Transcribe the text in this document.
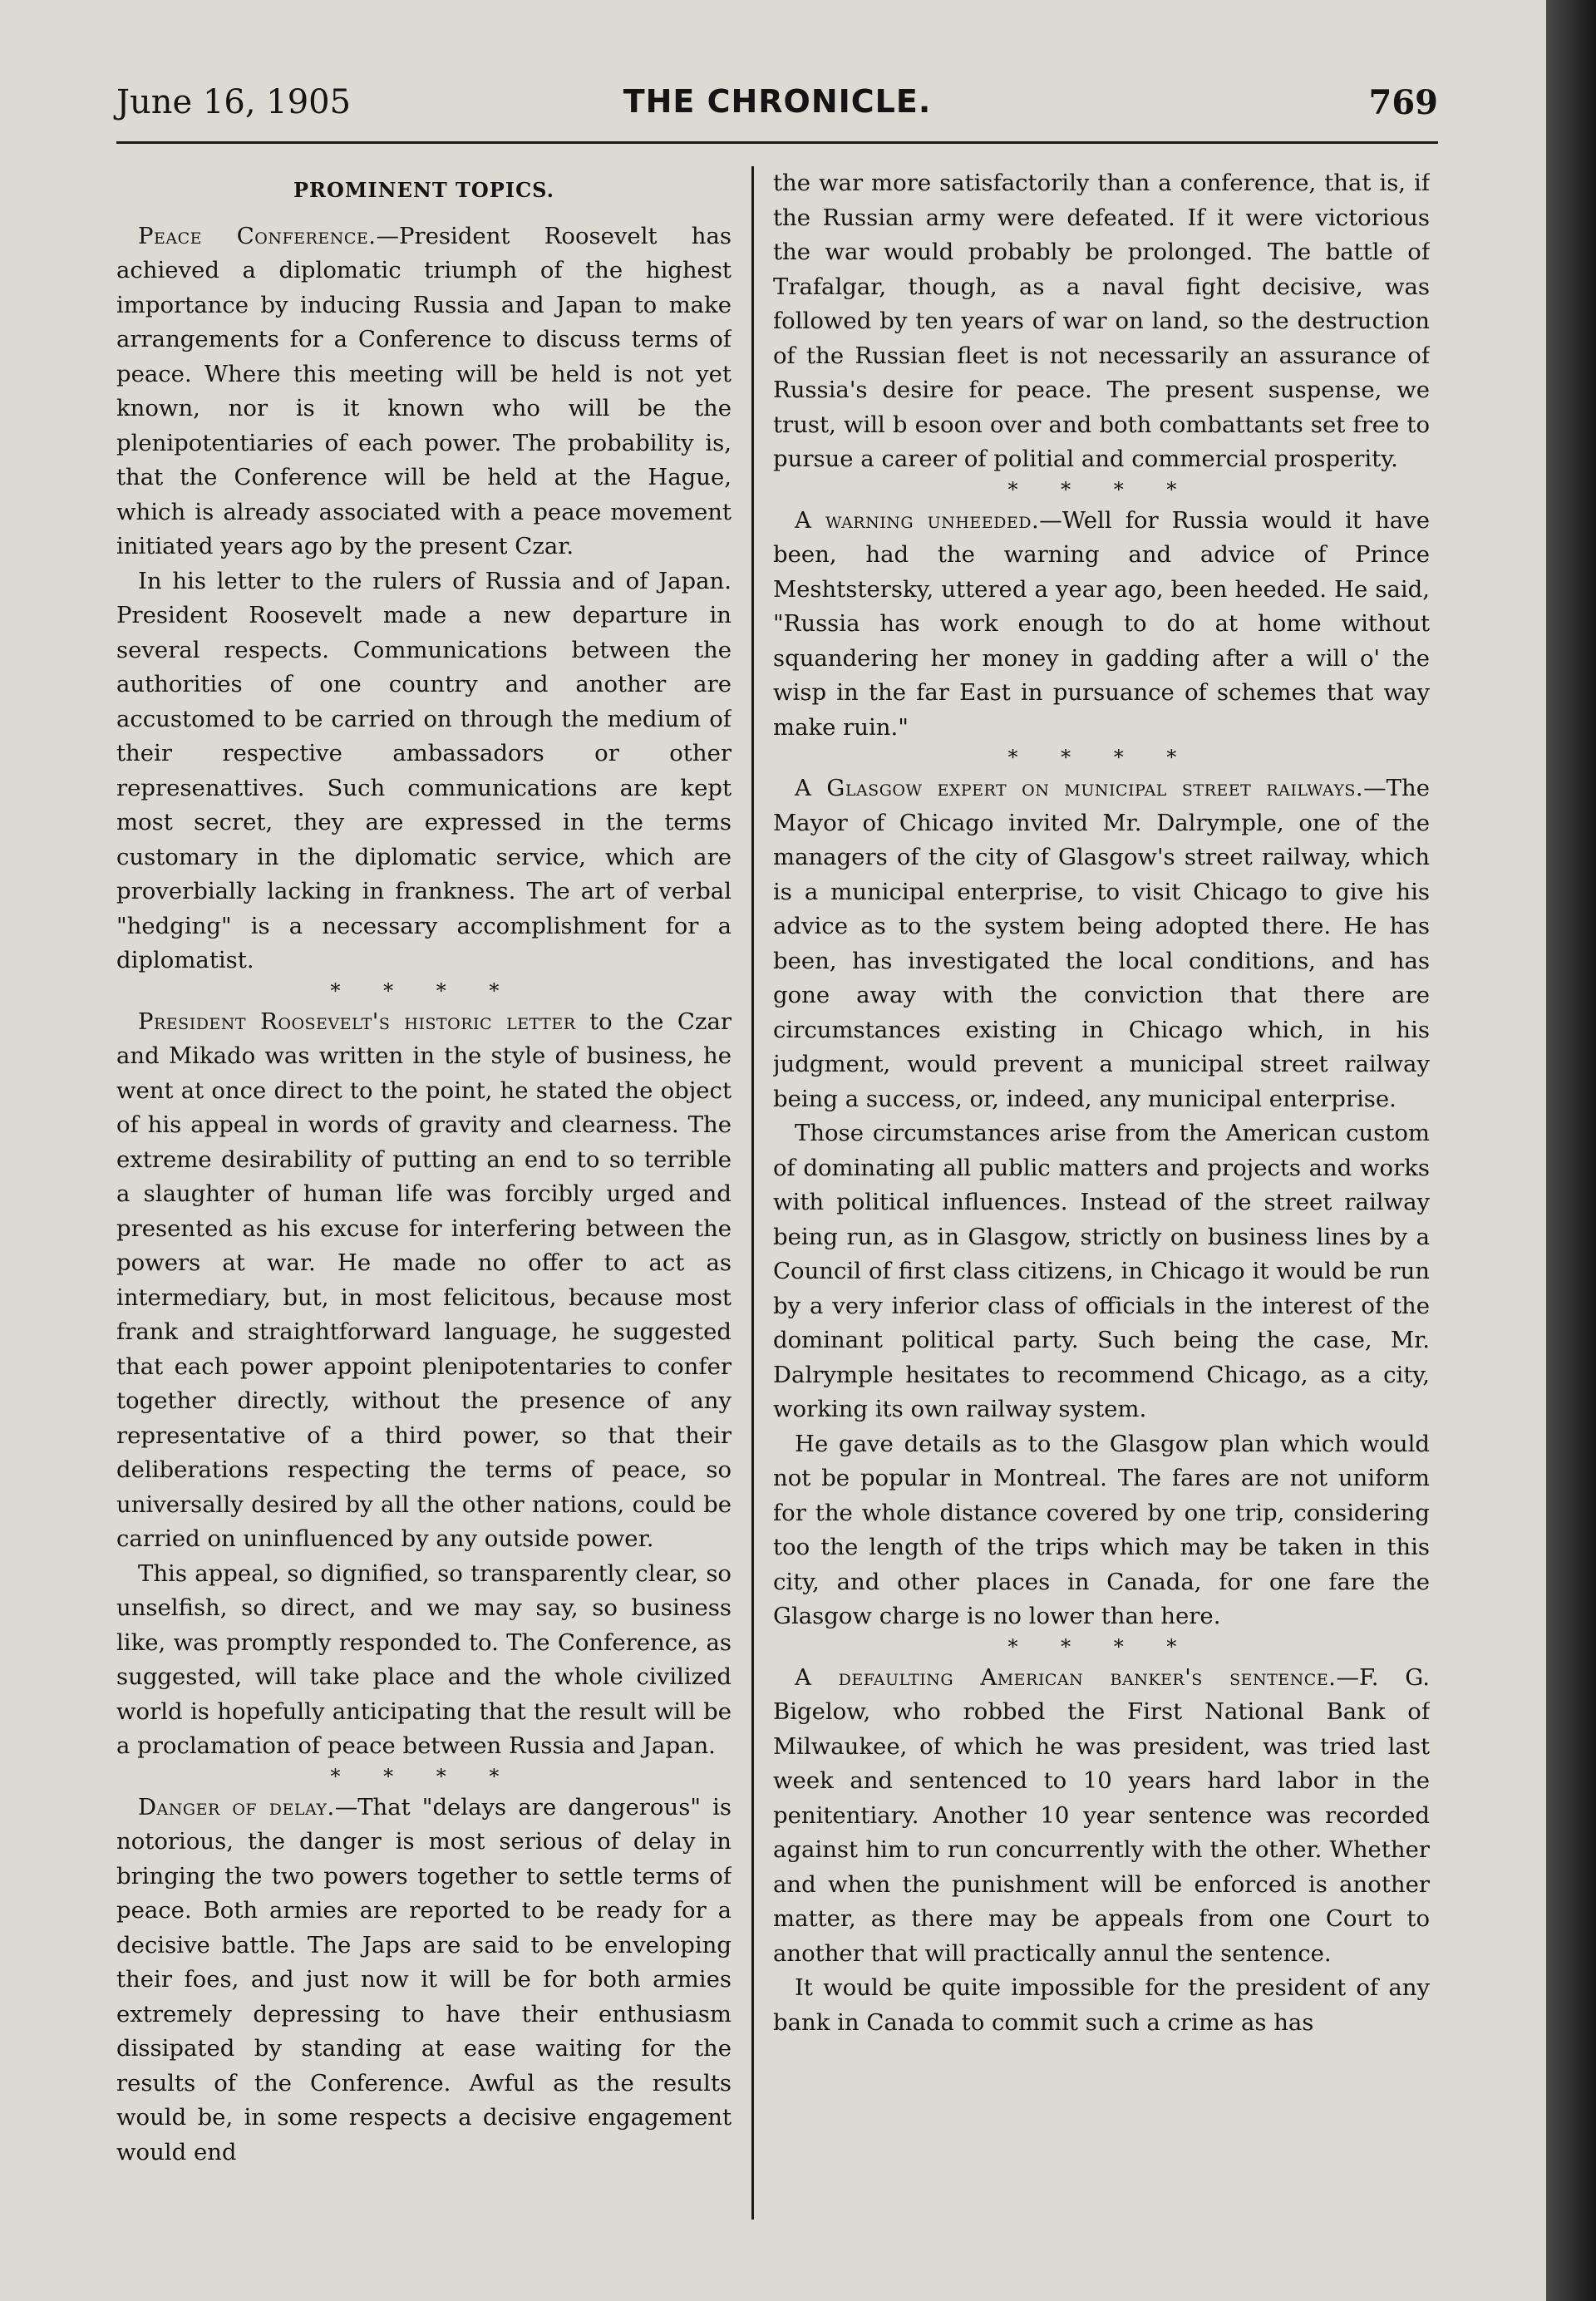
June 16, 1905	THE CHRONICLE.	769
PROMINENT TOPICS.

Peace Conference.—President Roosevelt has achieved a diplomatic triumph of the highest importance by inducing Russia and Japan to make arrangements for a Conference to discuss terms of peace. Where this meeting will be held is not yet known, nor is it known who will be the plenipotentiaries of each power. The probability is, that the Conference will be held at the Hague, which is already associated with a peace movement initiated years ago by the present Czar.

In his letter to the rulers of Russia and of Japan. President Roosevelt made a new departure in several respects. Communications between the authorities of one country and another are accustomed to be carried on through the medium of their respective ambassadors or other represenattives. Such communications are kept most secret, they are expressed in the terms customary in the diplomatic service, which are proverbially lacking in frankness. The art of verbal "hedging" is a necessary accomplishment for a diplomatist.

* * * *

President Roosevelt's historic letter to the Czar and Mikado was written in the style of business, he went at once direct to the point, he stated the object of his appeal in words of gravity and clearness. The extreme desirability of putting an end to so terrible a slaughter of human life was forcibly urged and presented as his excuse for interfering between the powers at war. He made no offer to act as intermediary, but, in most felicitous, because most frank and straightforward language, he suggested that each power appoint plenipotentaries to confer together directly, without the presence of any representative of a third power, so that their deliberations respecting the terms of peace, so universally desired by all the other nations, could be carried on uninfluenced by any outside power.

This appeal, so dignified, so transparently clear, so unselfish, so direct, and we may say, so business like, was promptly responded to. The Conference, as suggested, will take place and the whole civilized world is hopefully anticipating that the result will be a proclamation of peace between Russia and Japan.

* * * *

Danger of delay.—That "delays are dangerous" is notorious, the danger is most serious of delay in bringing the two powers together to settle terms of peace. Both armies are reported to be ready for a decisive battle. The Japs are said to be enveloping their foes, and just now it will be for both armies extremely depressing to have their enthusiasm dissipated by standing at ease waiting for the results of the Conference. Awful as the results would be, in some respects a decisive engagement would end

the war more satisfactorily than a conference, that is, if the Russian army were defeated. If it were victorious the war would probably be prolonged. The battle of Trafalgar, though, as a naval fight decisive, was followed by ten years of war on land, so the destruction of the Russian fleet is not necessarily an assurance of Russia's desire for peace. The present suspense, we trust, will b esoon over and both combattants set free to pursue a career of politial and commercial prosperity.

* * * *

A warning unheeded.—Well for Russia would it have been, had the warning and advice of Prince Meshtstersky, uttered a year ago, been heeded. He said, "Russia has work enough to do at home without squandering her money in gadding after a will o' the wisp in the far East in pursuance of schemes that way make ruin."

* * * *

A Glasgow expert on municipal street railways.—The Mayor of Chicago invited Mr. Dalrymple, one of the managers of the city of Glasgow's street railway, which is a municipal enterprise, to visit Chicago to give his advice as to the system being adopted there. He has been, has investigated the local conditions, and has gone away with the conviction that there are circumstances existing in Chicago which, in his judgment, would prevent a municipal street railway being a success, or, indeed, any municipal enterprise.

Those circumstances arise from the American custom of dominating all public matters and projects and works with political influences. Instead of the street railway being run, as in Glasgow, strictly on business lines by a Council of first class citizens, in Chicago it would be run by a very inferior class of officials in the interest of the dominant political party. Such being the case, Mr. Dalrymple hesitates to recommend Chicago, as a city, working its own railway system.

He gave details as to the Glasgow plan which would not be popular in Montreal. The fares are not uniform for the whole distance covered by one trip, considering too the length of the trips which may be taken in this city, and other places in Canada, for one fare the Glasgow charge is no lower than here.

* * * *

A defaulting American banker's sentence.—F. G. Bigelow, who robbed the First National Bank of Milwaukee, of which he was president, was tried last week and sentenced to 10 years hard labor in the penitentiary. Another 10 year sentence was recorded against him to run concurrently with the other. Whether and when the punishment will be enforced is another matter, as there may be appeals from one Court to another that will practically annul the sentence.

It would be quite impossible for the president of any bank in Canada to commit such a crime as has
